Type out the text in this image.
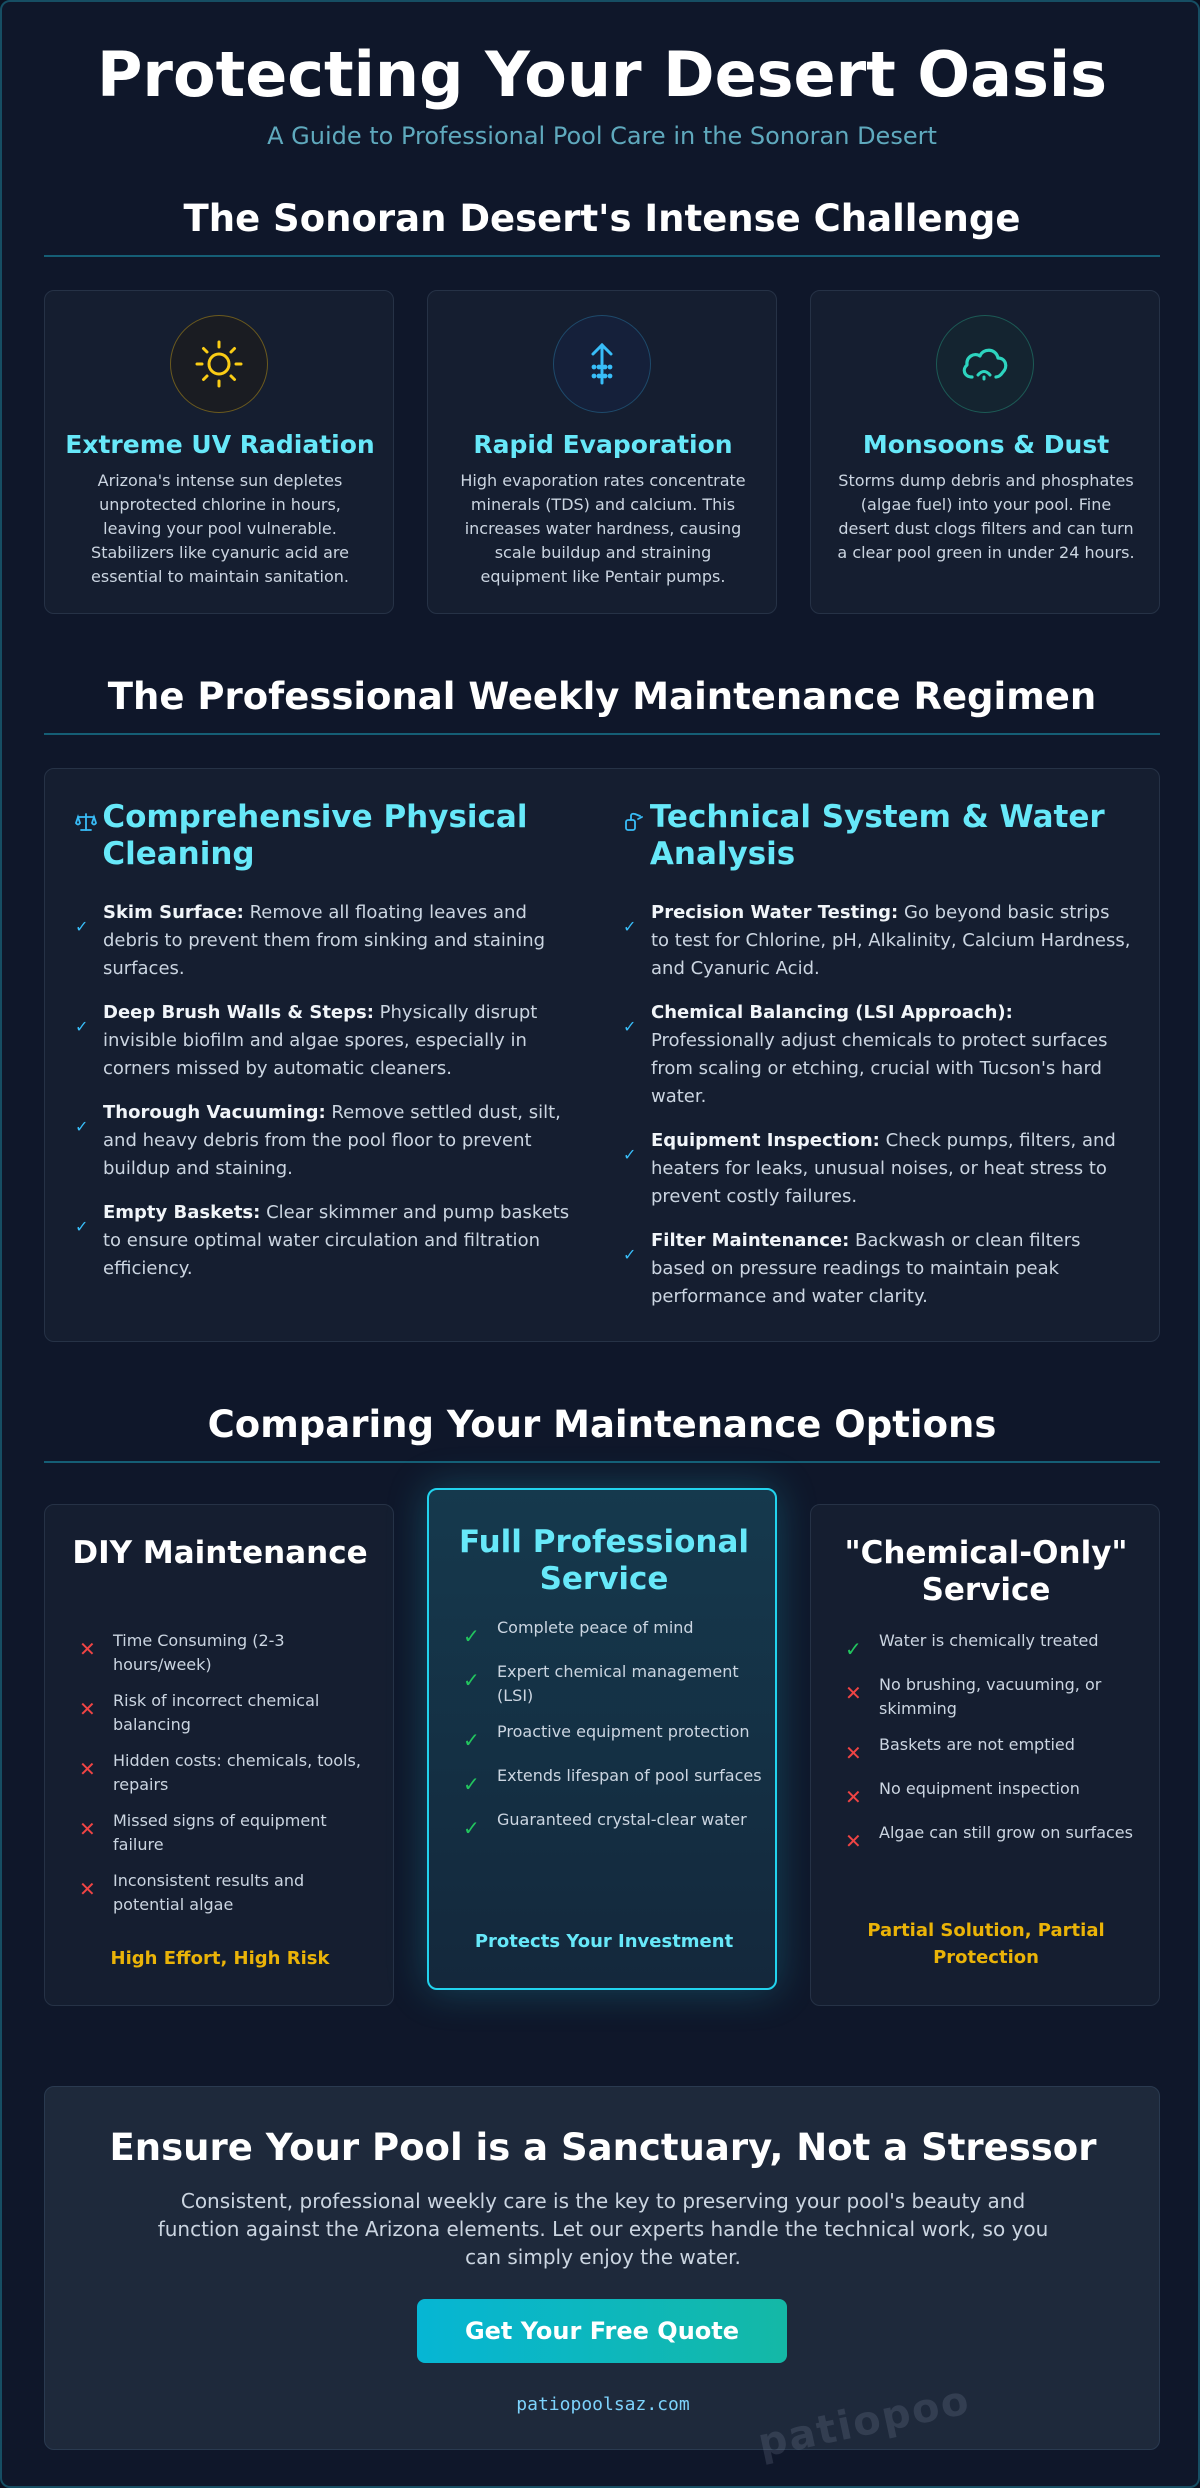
Protecting Your Desert Oasis
A Guide to Professional Pool Care in the Sonoran Desert
The Sonoran Desert's Intense Challenge
Extreme UV Radiation
Arizona's intense sun depletes unprotected chlorine in hours, leaving your pool vulnerable. Stabilizers like cyanuric acid are essential to maintain sanitation.
Rapid Evaporation
High evaporation rates concentrate minerals (TDS) and calcium. This increases water hardness, causing scale buildup and straining equipment like Pentair pumps.
Monsoons & Dust
Storms dump debris and phosphates (algae fuel) into your pool. Fine desert dust clogs filters and can turn a clear pool green in under 24 hours.
The Professional Weekly Maintenance Regimen
Comprehensive Physical Cleaning
✓
Skim Surface: Remove all floating leaves and debris to prevent them from sinking and staining surfaces.
✓
Deep Brush Walls & Steps: Physically disrupt invisible biofilm and algae spores, especially in corners missed by automatic cleaners.
✓
Thorough Vacuuming: Remove settled dust, silt, and heavy debris from the pool floor to prevent buildup and staining.
✓
Empty Baskets: Clear skimmer and pump baskets to ensure optimal water circulation and filtration efficiency.
Technical System & Water Analysis
✓
Precision Water Testing: Go beyond basic strips to test for Chlorine, pH, Alkalinity, Calcium Hardness, and Cyanuric Acid.
✓
Chemical Balancing (LSI Approach): Professionally adjust chemicals to protect surfaces from scaling or etching, crucial with Tucson's hard water.
✓
Equipment Inspection: Check pumps, filters, and heaters for leaks, unusual noises, or heat stress to prevent costly failures.
✓
Filter Maintenance: Backwash or clean filters based on pressure readings to maintain peak performance and water clarity.
Comparing Your Maintenance Options
DIY Maintenance
✕	Time Consuming (2-3 hours/week)
✕	Risk of incorrect chemical balancing
✕	Hidden costs: chemicals, tools, repairs
✕	Missed signs of equipment failure
✕	Inconsistent results and potential algae
High Effort, High Risk
Full Professional Service
✓	Complete peace of mind
✓	Expert chemical management (LSI)
✓	Proactive equipment protection
✓	Extends lifespan of pool surfaces
✓	Guaranteed crystal-clear water
Protects Your Investment
"Chemical-Only" Service
✓	Water is chemically treated
✕	No brushing, vacuuming, or skimming
✕	Baskets are not emptied
✕	No equipment inspection
✕	Algae can still grow on surfaces
Partial Solution, Partial Protection
Ensure Your Pool is a Sanctuary, Not a Stressor
Consistent, professional weekly care is the key to preserving your pool's beauty and function against the Arizona elements. Let our experts handle the technical work, so you can simply enjoy the water.
Get Your Free Quote
patiopoolsaz.com	patiopoo
